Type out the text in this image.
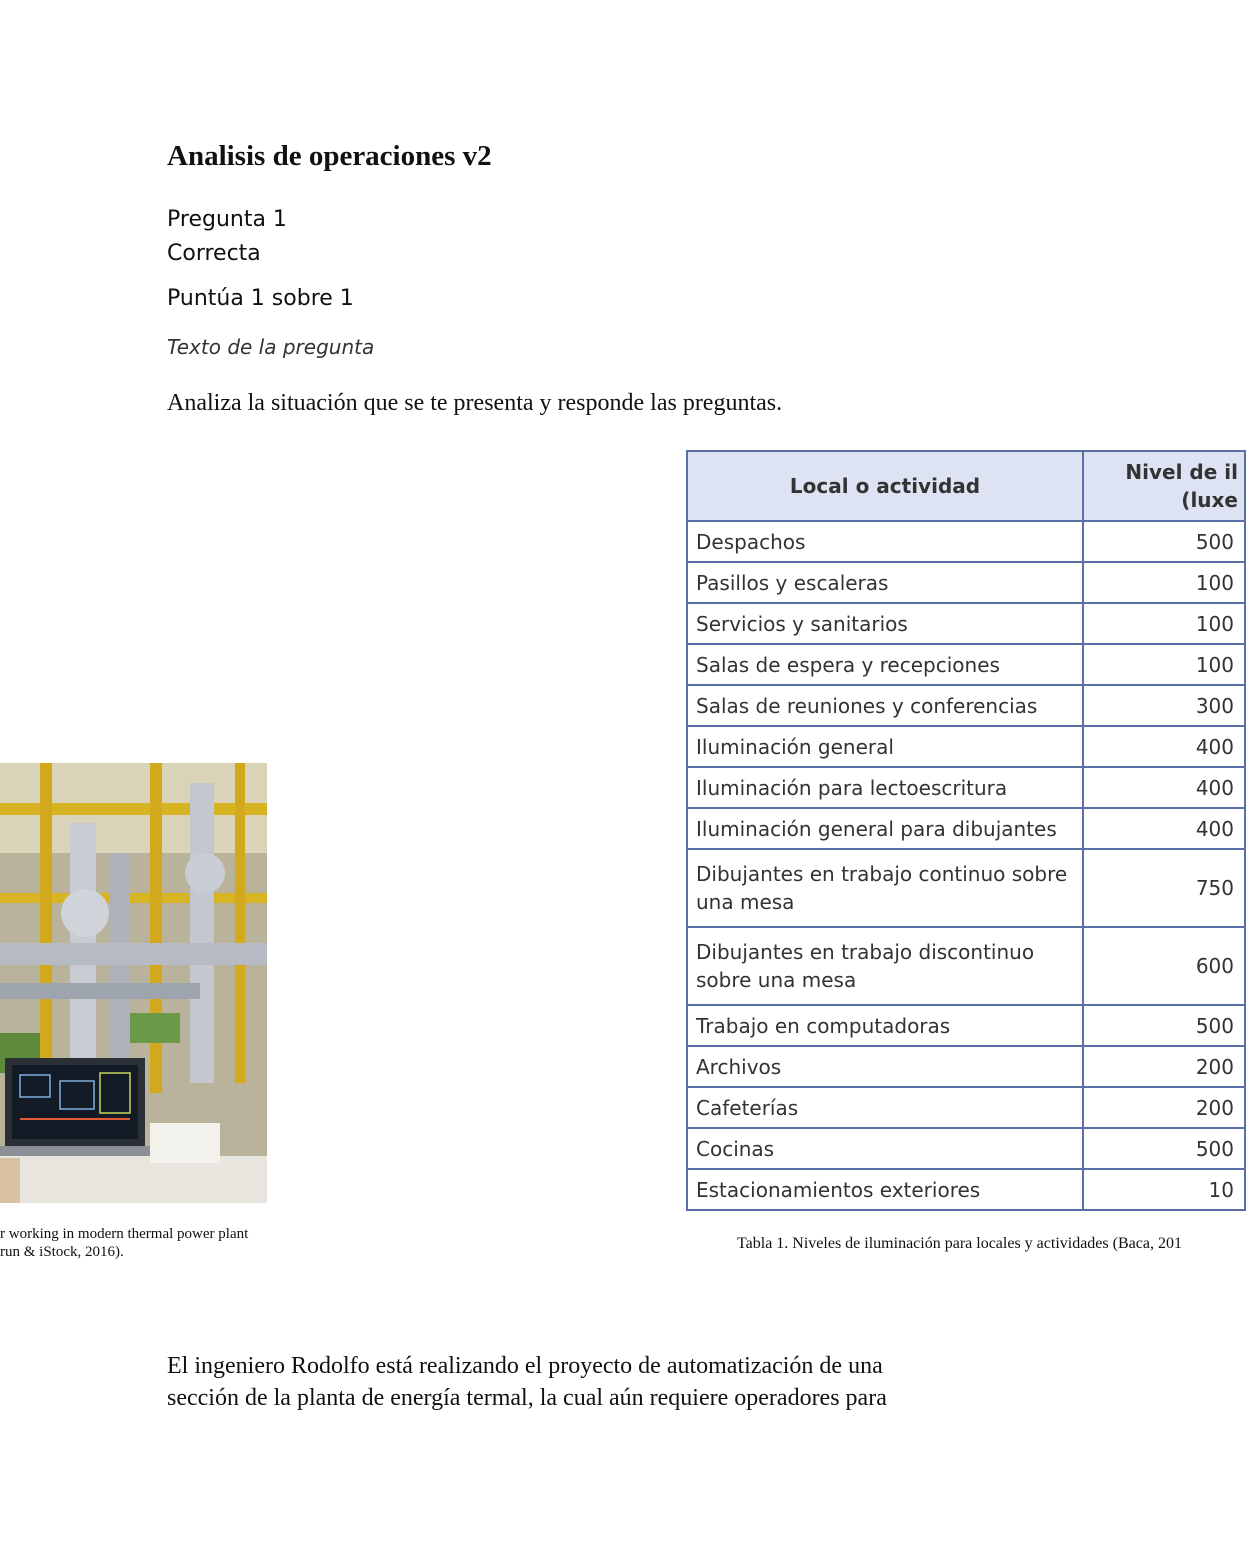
Analisis de operaciones v2
Pregunta 1
Correcta
Puntúa 1 sobre 1
Texto de la pregunta
Analiza la situación que se te presenta y responde las preguntas.
r working in modern thermal power plant
run & iStock, 2016).
Local o actividad	Nivel de il
(luxe

Despachos	500
Pasillos y escaleras	100
Servicios y sanitarios	100
Salas de espera y recepciones	100
Salas de reuniones y conferencias	300
Iluminación general	400
Iluminación para lectoescritura	400
Iluminación general para dibujantes	400
Dibujantes en trabajo continuo sobre una mesa	750
Dibujantes en trabajo discontinuo sobre una mesa	600
Trabajo en computadoras	500
Archivos	200
Cafeterías	200
Cocinas	500
Estacionamientos exteriores	10
Tabla 1. Niveles de iluminación para locales y actividades (Baca, 201
El ingeniero Rodolfo está realizando el proyecto de automatización de una
sección de la planta de energía termal, la cual aún requiere operadores para
